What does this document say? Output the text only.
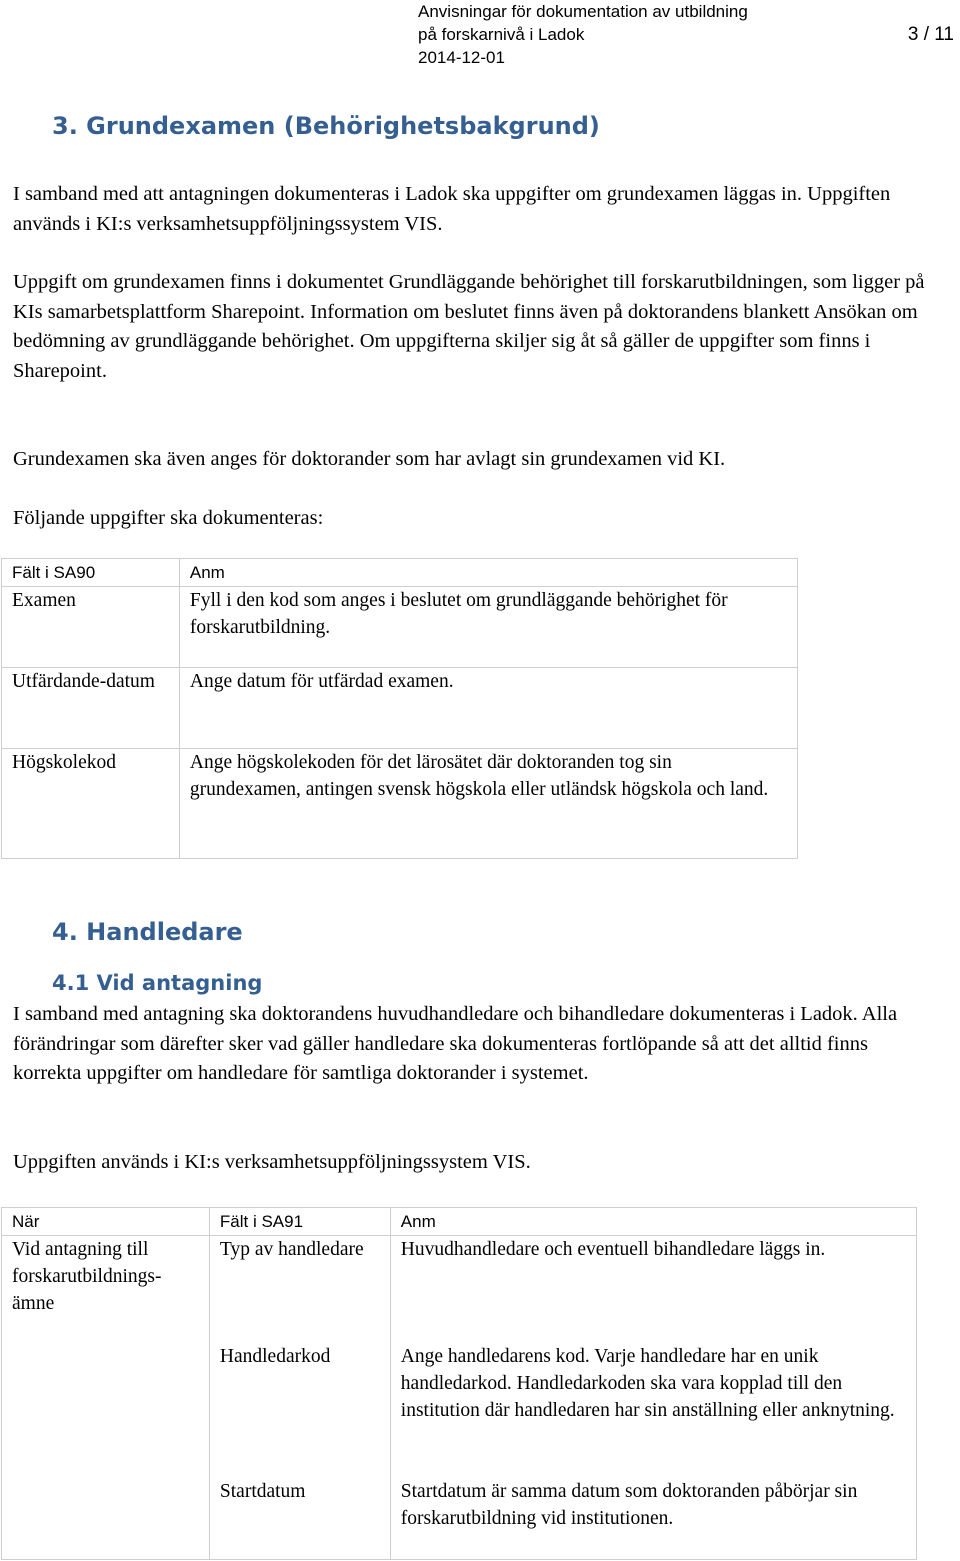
Anvisningar för dokumentation av utbildning
på forskarnivå i Ladok
2014-12-01
3 / 11
3. Grundexamen (Behörighetsbakgrund)

I samband med att antagningen dokumenteras i Ladok ska uppgifter om grundexamen läggas in. Uppgiften används i KI:s verksamhetsuppföljningssystem VIS.

Uppgift om grundexamen finns i dokumentet Grundläggande behörighet till forskarutbildningen, som ligger på KIs samarbetsplattform Sharepoint. Information om beslutet finns även på doktorandens blankett Ansökan om bedömning av grundläggande behörighet. Om uppgifterna skiljer sig åt så gäller de uppgifter som finns i Sharepoint.

Grundexamen ska även anges för doktorander som har avlagt sin grundexamen vid KI.

Följande uppgifter ska dokumenteras:

Fält i SA90	Anm
Examen	Fyll i den kod som anges i beslutet om grundläggande behörighet för forskarutbildning.
Utfärdande-datum	Ange datum för utfärdad examen.
Högskolekod	Ange högskolekoden för det lärosätet där doktoranden tog sin grundexamen, antingen svensk högskola eller utländsk högskola och land.
4. Handledare
4.1 Vid antagning

I samband med antagning ska doktorandens huvudhandledare och bihandledare dokumenteras i Ladok. Alla förändringar som därefter sker vad gäller handledare ska dokumenteras fortlöpande så att det alltid finns korrekta uppgifter om handledare för samtliga doktorander i systemet.

Uppgiften används i KI:s verksamhetsuppföljningssystem VIS.

När	Fält i SA91	Anm
Vid antagning till forskarutbildnings-ämne	Typ av handledare	Huvudhandledare och eventuell bihandledare läggs in.
	Handledarkod	Ange handledarens kod. Varje handledare har en unik handledarkod. Handledarkoden ska vara kopplad till den institution där handledaren har sin anställning eller anknytning.
	Startdatum	Startdatum är samma datum som doktoranden påbörjar sin forskarutbildning vid institutionen.
